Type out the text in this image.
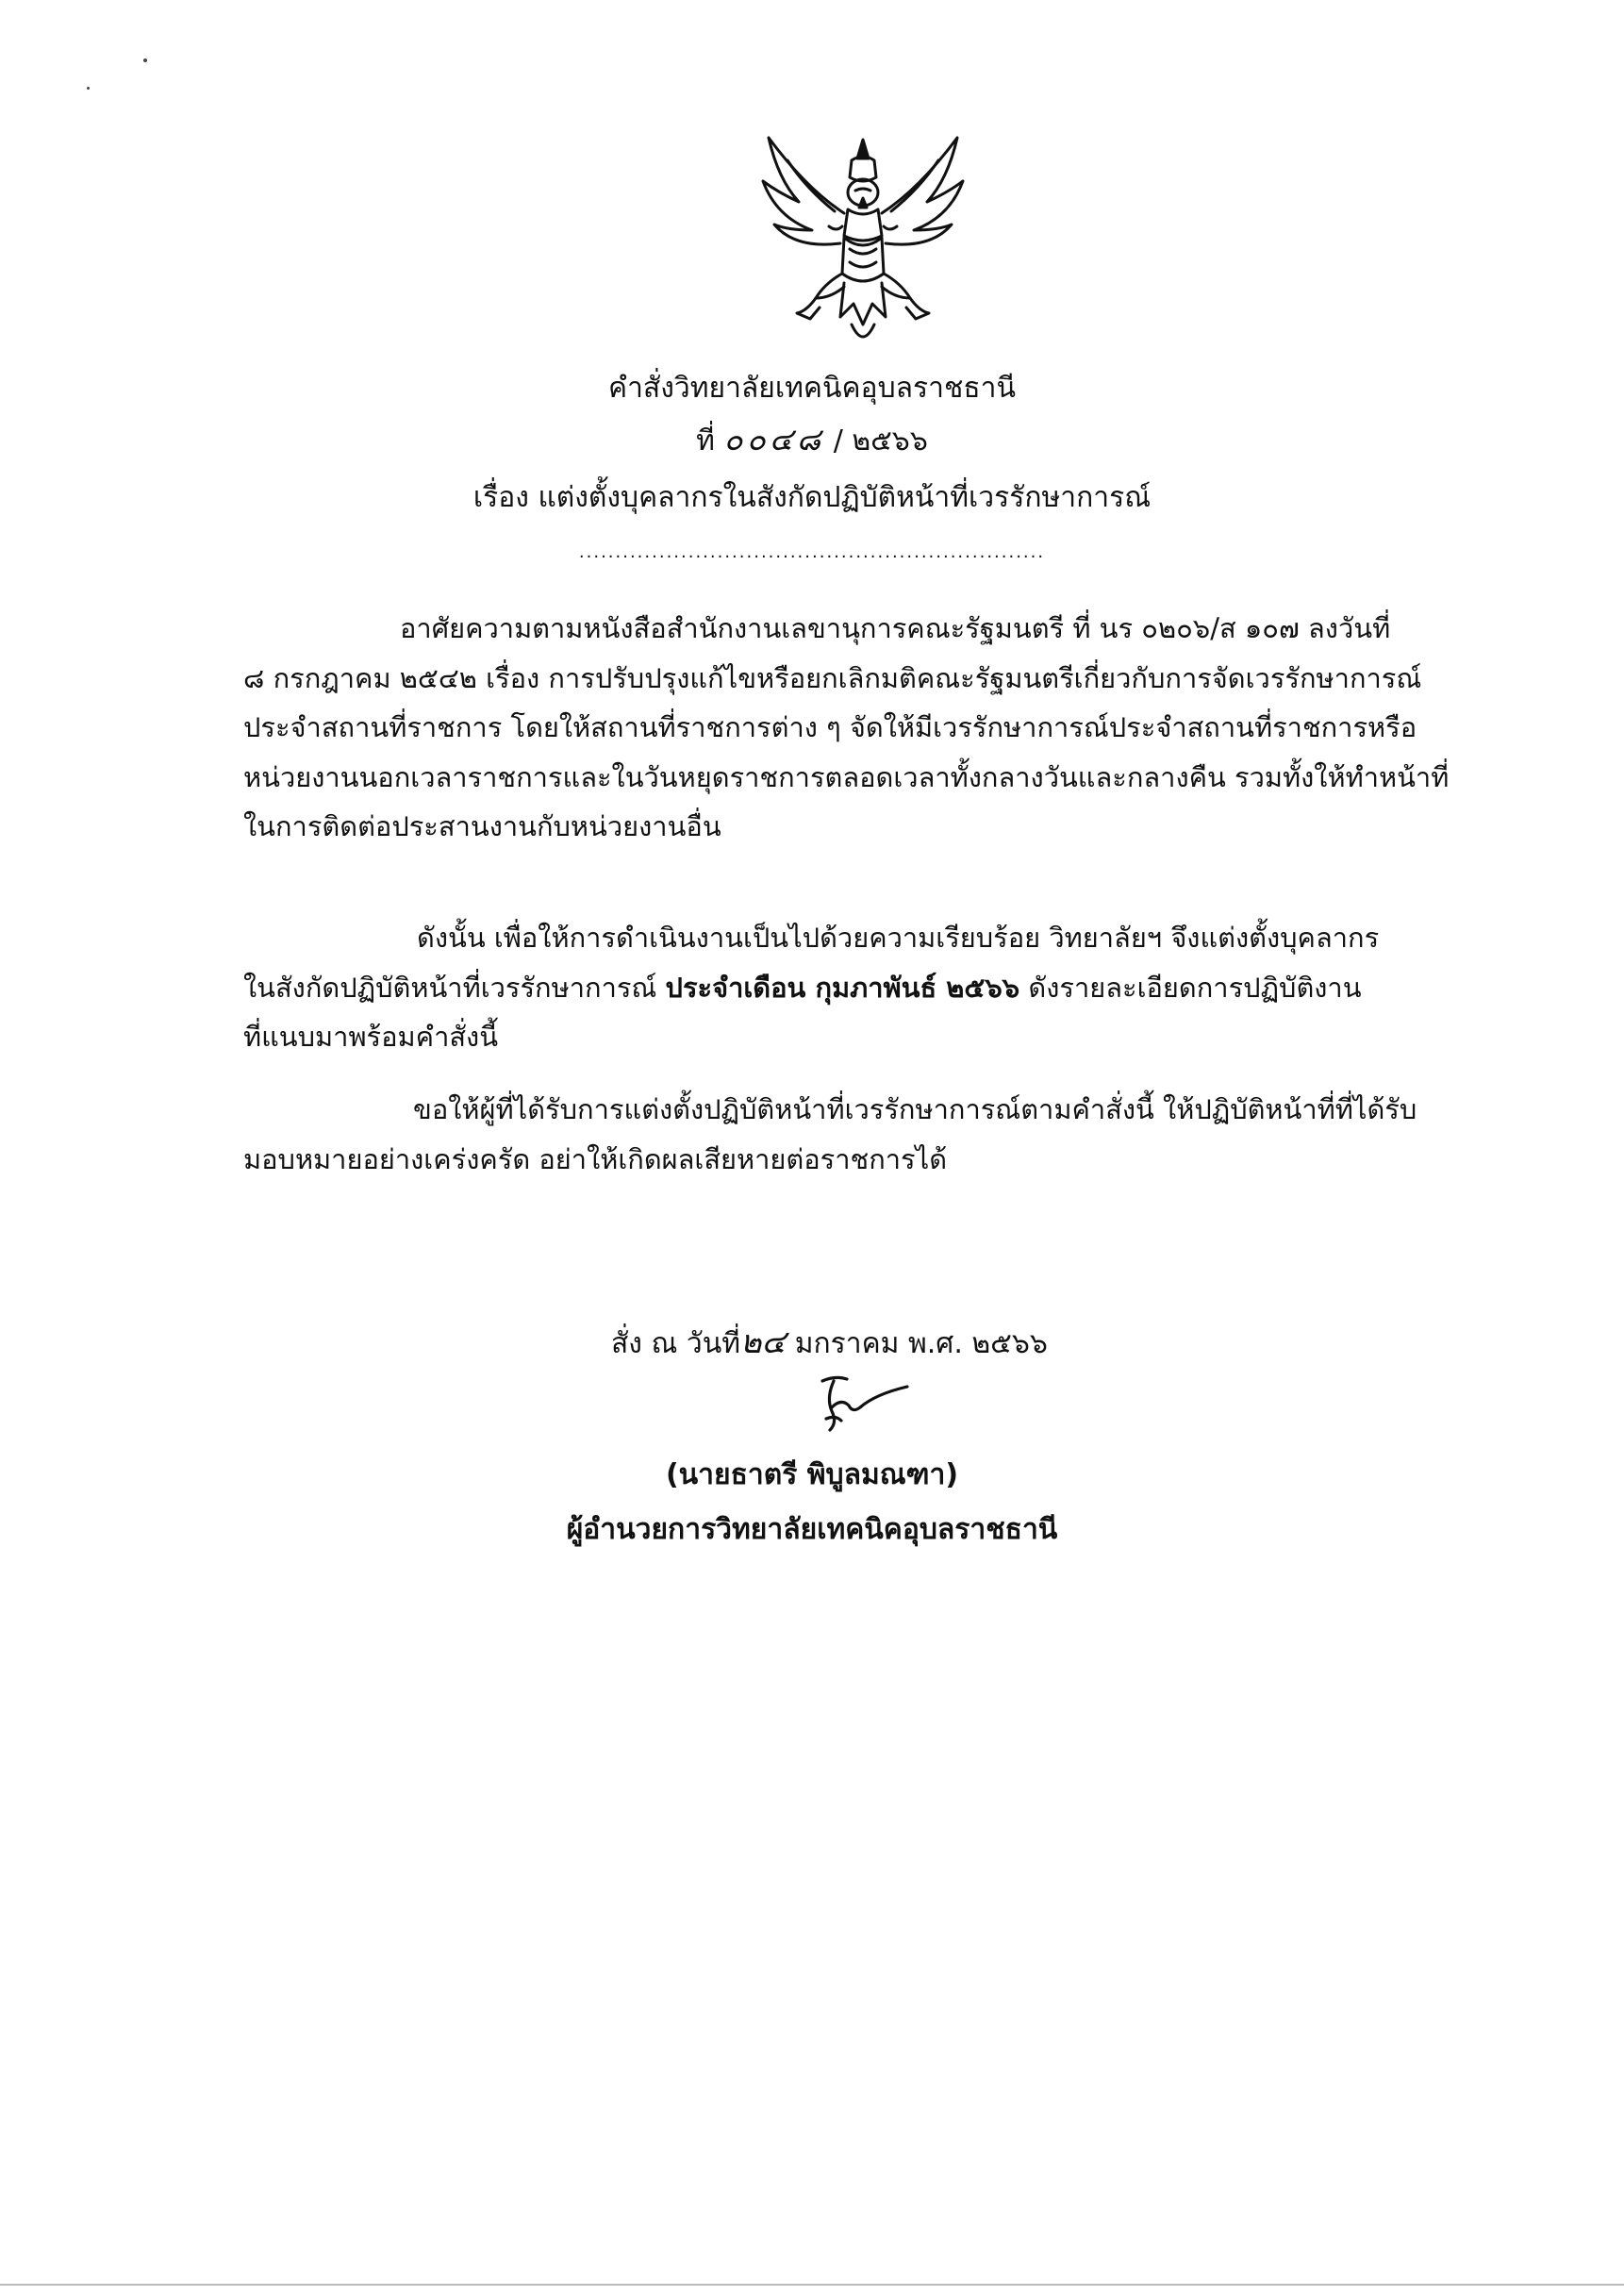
คำสั่งวิทยาลัยเทคนิคอุบลราชธานี
ที่ ๐๐๔๘ / ๒๕๖๖
เรื่อง แต่งตั้งบุคลากรในสังกัดปฏิบัติหน้าที่เวรรักษาการณ์
................................................................
อาศัยความตามหนังสือสำนักงานเลขานุการคณะรัฐมนตรี ที่ นร ๐๒๐๖/ส ๑๐๗ ลงวันที่
๘ กรกฎาคม ๒๕๔๒ เรื่อง การปรับปรุงแก้ไขหรือยกเลิกมติคณะรัฐมนตรีเกี่ยวกับการจัดเวรรักษาการณ์
ประจำสถานที่ราชการ โดยให้สถานที่ราชการต่าง ๆ จัดให้มีเวรรักษาการณ์ประจำสถานที่ราชการหรือ
หน่วยงานนอกเวลาราชการและในวันหยุดราชการตลอดเวลาทั้งกลางวันและกลางคืน รวมทั้งให้ทำหน้าที่
ในการติดต่อประสานงานกับหน่วยงานอื่น
ดังนั้น เพื่อให้การดำเนินงานเป็นไปด้วยความเรียบร้อย วิทยาลัยฯ จึงแต่งตั้งบุคลากร
ในสังกัดปฏิบัติหน้าที่เวรรักษาการณ์ ประจำเดือน กุมภาพันธ์ ๒๕๖๖ ดังรายละเอียดการปฏิบัติงาน
ที่แนบมาพร้อมคำสั่งนี้
ขอให้ผู้ที่ได้รับการแต่งตั้งปฏิบัติหน้าที่เวรรักษาการณ์ตามคำสั่งนี้ ให้ปฏิบัติหน้าที่ที่ได้รับ
มอบหมายอย่างเคร่งครัด อย่าให้เกิดผลเสียหายต่อราชการได้
สั่ง ณ วันที่๒๔ มกราคม พ.ศ. ๒๕๖๖
(นายธาตรี พิบูลมณฑา)
ผู้อำนวยการวิทยาลัยเทคนิคอุบลราชธานี
